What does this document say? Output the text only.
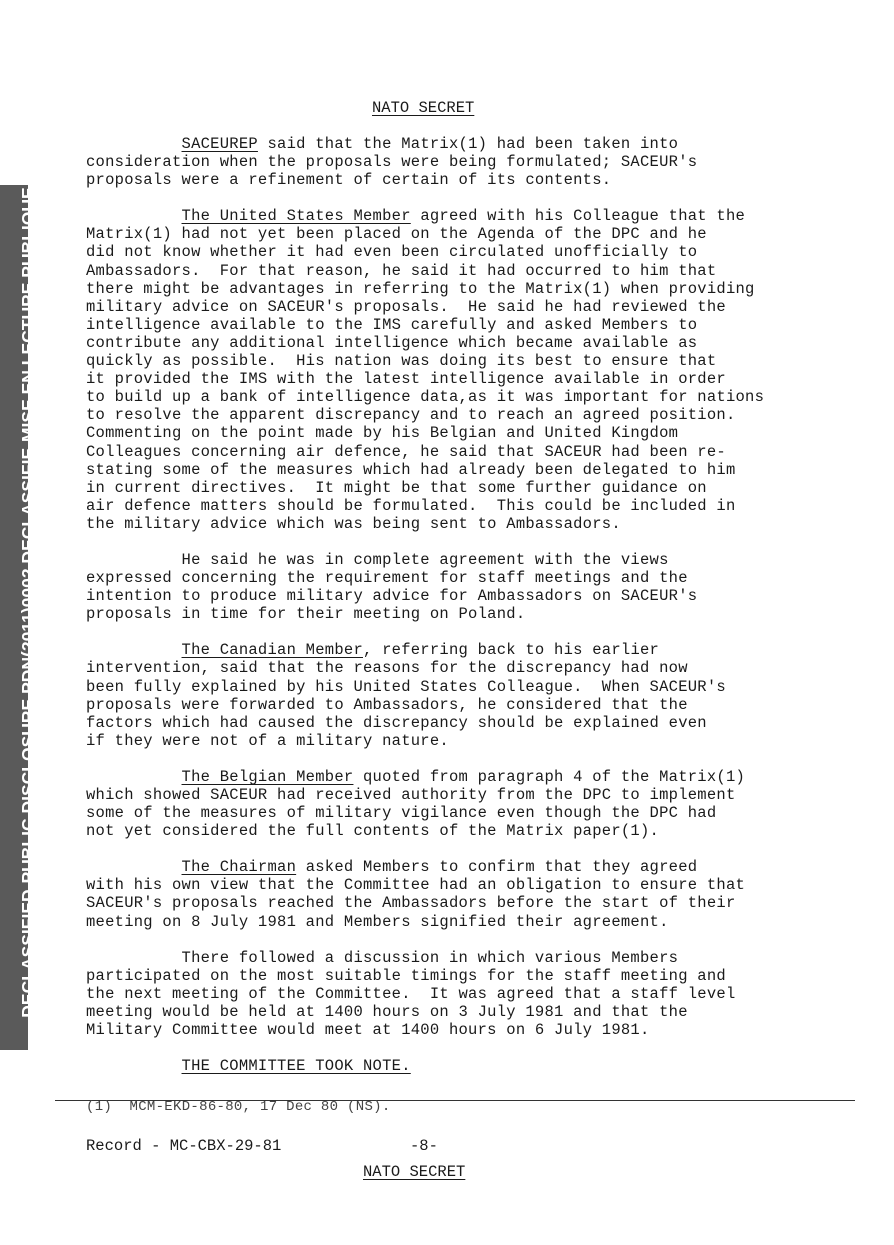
DECLASSIFIED-PUBLIC DISCLOSURE PDN(2011)0002 DECLASSIFIE-MISE EN LECTURE PUBLIQUE
NATO SECRET
SACEUREP said that the Matrix(1) had been taken into
consideration when the proposals were being formulated; SACEUR's
proposals were a refinement of certain of its contents.
The United States Member agreed with his Colleague that the
Matrix(1) had not yet been placed on the Agenda of the DPC and he
did not know whether it had even been circulated unofficially to
Ambassadors.  For that reason, he said it had occurred to him that
there might be advantages in referring to the Matrix(1) when providing
military advice on SACEUR's proposals.  He said he had reviewed the
intelligence available to the IMS carefully and asked Members to
contribute any additional intelligence which became available as
quickly as possible.  His nation was doing its best to ensure that
it provided the IMS with the latest intelligence available in order
to build up a bank of intelligence data,as it was important for nations
to resolve the apparent discrepancy and to reach an agreed position.
Commenting on the point made by his Belgian and United Kingdom
Colleagues concerning air defence, he said that SACEUR had been re-
stating some of the measures which had already been delegated to him
in current directives.  It might be that some further guidance on
air defence matters should be formulated.  This could be included in
the military advice which was being sent to Ambassadors.
He said he was in complete agreement with the views
expressed concerning the requirement for staff meetings and the
intention to produce military advice for Ambassadors on SACEUR's
proposals in time for their meeting on Poland.
The Canadian Member, referring back to his earlier
intervention, said that the reasons for the discrepancy had now
been fully explained by his United States Colleague.  When SACEUR's
proposals were forwarded to Ambassadors, he considered that the
factors which had caused the discrepancy should be explained even
if they were not of a military nature.
The Belgian Member quoted from paragraph 4 of the Matrix(1)
which showed SACEUR had received authority from the DPC to implement
some of the measures of military vigilance even though the DPC had
not yet considered the full contents of the Matrix paper(1).
The Chairman asked Members to confirm that they agreed
with his own view that the Committee had an obligation to ensure that
SACEUR's proposals reached the Ambassadors before the start of their
meeting on 8 July 1981 and Members signified their agreement.
There followed a discussion in which various Members
participated on the most suitable timings for the staff meeting and
the next meeting of the Committee.  It was agreed that a staff level
meeting would be held at 1400 hours on 3 July 1981 and that the
Military Committee would meet at 1400 hours on 6 July 1981.
THE COMMITTEE TOOK NOTE.
(1)  MCM-EKD-86-80, 17 Dec 80 (NS).
Record - MC-CBX-29-81	-8-
NATO SECRET
